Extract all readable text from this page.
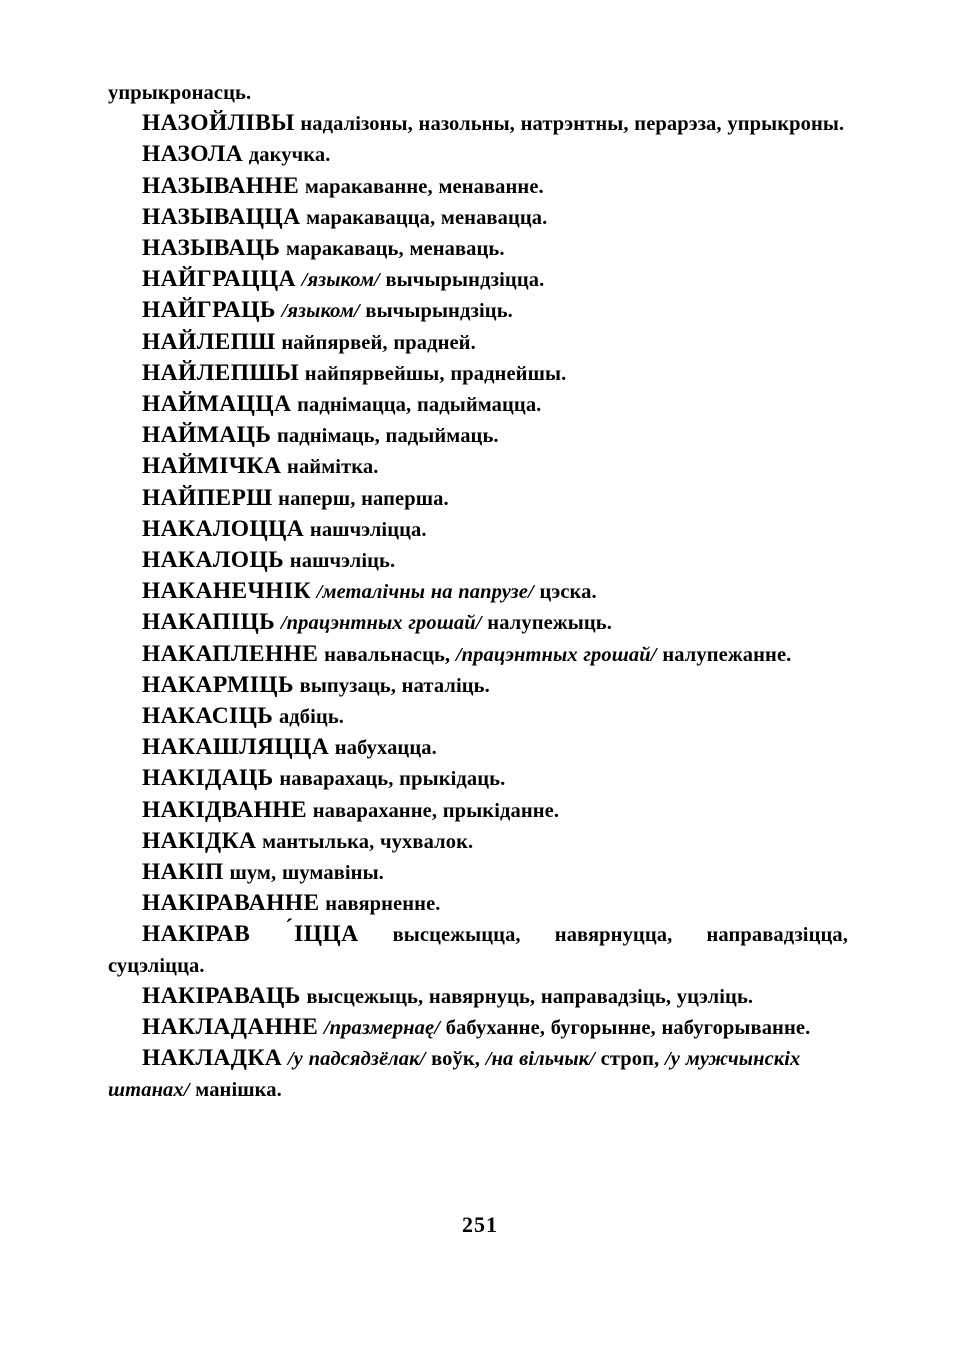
упрыкронасць.

НАЗОЙЛІВЫ надалізоны, назольны, натрэнтны, перарэза, упрыкроны.

НАЗОЛА дакучка.

НАЗЫВАННЕ маракаванне, менаванне.

НАЗЫВАЦЦА маракавацца, менавацца.

НАЗЫВАЦЬ маракаваць, менаваць.

НАЙГРАЦЦА /языком/ вычырындзіцца.

НАЙГРАЦЬ /языком/ вычырындзіць.

НАЙЛЕПШ найпярвей, прадней.

НАЙЛЕПШЫ найпярвейшы, праднейшы.

НАЙМАЦЦА паднімацца, падыймацца.

НАЙМАЦЬ паднімаць, падыймаць.

НАЙМІЧКА наймітка.

НАЙПЕРШ наперш, наперша.

НАКАЛОЦЦА нашчэліцца.

НАКАЛОЦЬ нашчэліць.

НАКАНЕЧНІК /металічны на папрузе/ цэска.

НАКАПІЦЬ /працэнтных грошай/ налупежыць.

НАКАПЛЕННЕ навальнасць, /працэнтных грошай/ налупежанне.

НАКАРМІЦЬ выпузаць, наталіць.

НАКАСІЦЬ адбіць.

НАКАШЛЯЦЦА набухацца.

НАКІДАЦЬ наварахаць, прыкідаць.

НАКІДВАННЕ наварaханне, прыкіданне.

НАКІДКА мантылька, чухвалок.

НАКІП шум, шумавіны.

НАКІРАВАННЕ навярненне.

НАКІРАВ ´ІЦЦА высцежыцца, навярнуцца, направадзіцца, суцэліцца.

НАКІРАВАЦЬ высцежыць, навярнуць, направадзіць, уцэліць.

НАКЛАДАННЕ /празмернаę/ бабуханне, бугорынне, набугорыванне.

НАКЛАДКА /у падсядзёлак/ воўк, /на вільчык/ строп, /у мужчынскіх штанах/ манішка.

251
